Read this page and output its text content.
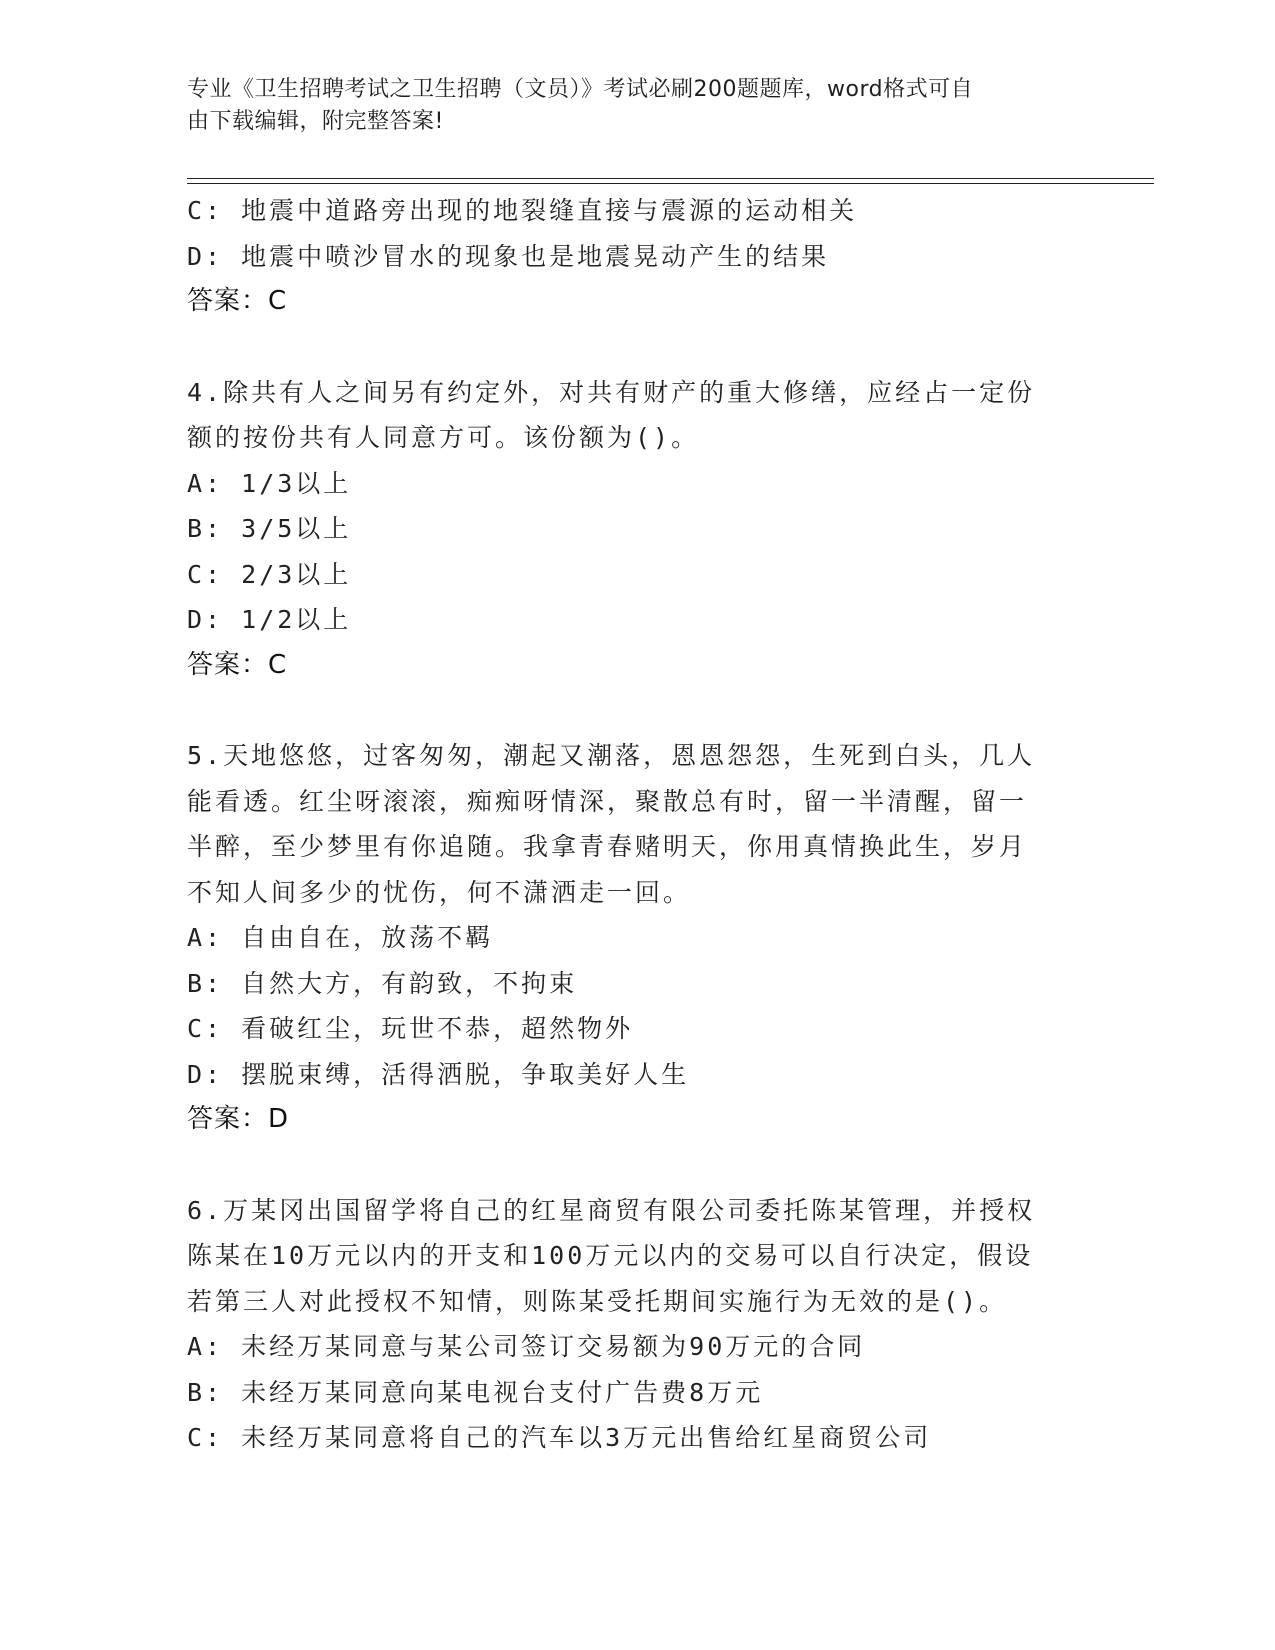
专业《卫生招聘考试之卫生招聘（文员）》考试必刷200题题库，word格式可自
由下载编辑，附完整答案!

C: 地震中道路旁出现的地裂缝直接与震源的运动相关

D: 地震中喷沙冒水的现象也是地震晃动产生的结果

答案：C

4.除共有人之间另有约定外，对共有财产的重大修缮，应经占一定份

额的按份共有人同意方可。该份额为()。

A: 1/3以上

B: 3/5以上

C: 2/3以上

D: 1/2以上

答案：C

5.天地悠悠，过客匆匆，潮起又潮落，恩恩怨怨，生死到白头，几人

能看透。红尘呀滚滚，痴痴呀情深，聚散总有时，留一半清醒，留一

半醉，至少梦里有你追随。我拿青春赌明天，你用真情换此生，岁月

不知人间多少的忧伤，何不潇洒走一回。

A: 自由自在，放荡不羁

B: 自然大方，有韵致，不拘束

C: 看破红尘，玩世不恭，超然物外

D: 摆脱束缚，活得洒脱，争取美好人生

答案：D

6.万某冈出国留学将自己的红星商贸有限公司委托陈某管理，并授权

陈某在10万元以内的开支和100万元以内的交易可以自行决定，假设

若第三人对此授权不知情，则陈某受托期间实施行为无效的是()。

A: 未经万某同意与某公司签订交易额为90万元的合同

B: 未经万某同意向某电视台支付广告费8万元

C: 未经万某同意将自己的汽车以3万元出售给红星商贸公司
